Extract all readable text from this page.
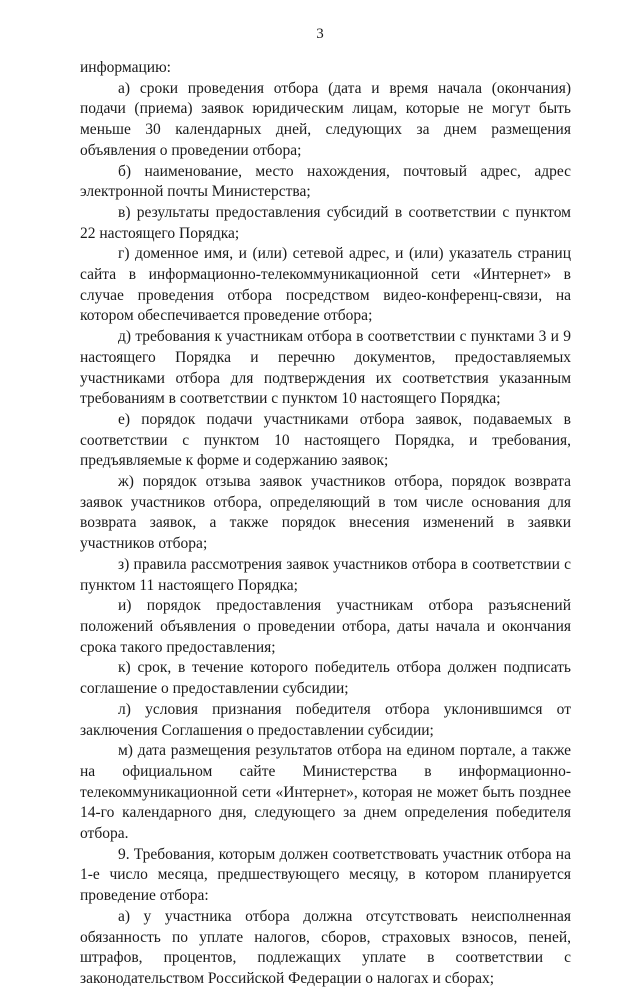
3

информацию:

а) сроки проведения отбора (дата и время начала (окончания) подачи (приема) заявок юридическим лицам, которые не могут быть меньше 30 календарных дней, следующих за днем размещения объявления о проведении отбора;

б) наименование, место нахождения, почтовый адрес, адрес электронной почты Министерства;

в) результаты предоставления субсидий в соответствии с пунктом 22 настоящего Порядка;

г) доменное имя, и (или) сетевой адрес, и (или) указатель страниц сайта в информационно-телекоммуникационной сети «Интернет» в случае проведения отбора посредством видео-конференц-связи, на котором обеспечивается проведение отбора;

д) требования к участникам отбора в соответствии с пунктами 3 и 9 настоящего Порядка и перечню документов, предоставляемых участниками отбора для подтверждения их соответствия указанным требованиям в соответствии с пунктом 10 настоящего Порядка;

е) порядок подачи участниками отбора заявок, подаваемых в соответствии с пунктом 10 настоящего Порядка, и требования, предъявляемые к форме и содержанию заявок;

ж) порядок отзыва заявок участников отбора, порядок возврата заявок участников отбора, определяющий в том числе основания для возврата заявок, а также порядок внесения изменений в заявки участников отбора;

з) правила рассмотрения заявок участников отбора в соответствии с пунктом 11 настоящего Порядка;

и) порядок предоставления участникам отбора разъяснений положений объявления о проведении отбора, даты начала и окончания срока такого предоставления;

к) срок, в течение которого победитель отбора должен подписать соглашение о предоставлении субсидии;

л) условия признания победителя отбора уклонившимся от заключения Соглашения о предоставлении субсидии;

м) дата размещения результатов отбора на едином портале, а также на официальном сайте Министерства в информационно-телекоммуникационной сети «Интернет», которая не может быть позднее 14-го календарного дня, следующего за днем определения победителя отбора.

9. Требования, которым должен соответствовать участник отбора на 1-е число месяца, предшествующего месяцу, в котором планируется проведение отбора:

а) у участника отбора должна отсутствовать неисполненная обязанность по уплате налогов, сборов, страховых взносов, пеней, штрафов, процентов, подлежащих уплате в соответствии с законодательством Российской Федерации о налогах и сборах;
